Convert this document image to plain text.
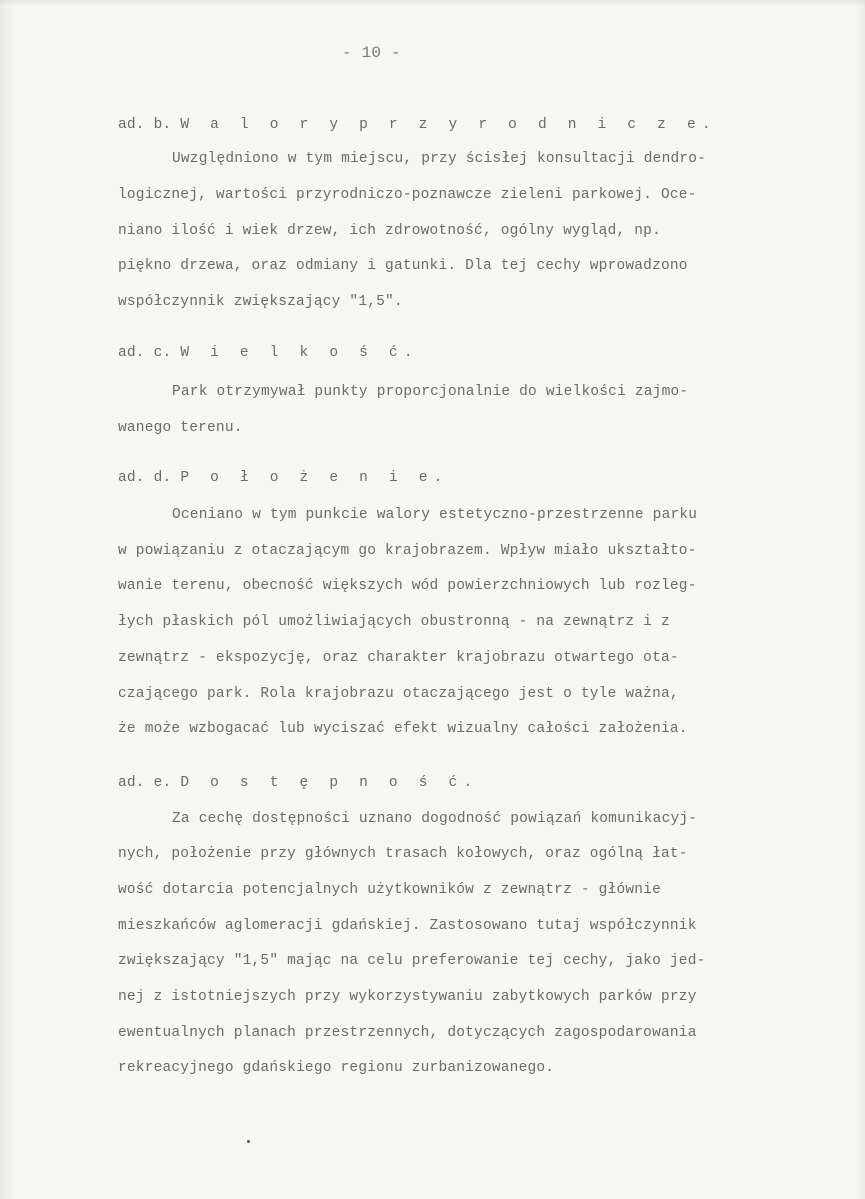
- 10 -
ad. b. W a l o r y p r z y r o d n i c z e.
Uwzględniono w tym miejscu, przy ścisłej konsultacji dendro-
logicznej, wartości przyrodniczo-poznawcze zieleni parkowej. Oce-
niano ilość i wiek drzew, ich zdrowotność, ogólny wygląd, np.
piękno drzewa, oraz odmiany i gatunki. Dla tej cechy wprowadzono
współczynnik zwiększający "1,5".
ad. c. W i e l k o ś ć.
Park otrzymywał punkty proporcjonalnie do wielkości zajmo-
wanego terenu.
ad. d. P o ł o ż e n i e.
Oceniano w tym punkcie walory estetyczno-przestrzenne parku
w powiązaniu z otaczającym go krajobrazem. Wpływ miało ukształto-
wanie terenu, obecność większych wód powierzchniowych lub rozleg-
łych płaskich pól umożliwiających obustronną - na zewnątrz i z
zewnątrz - ekspozycję, oraz charakter krajobrazu otwartego ota-
czającego park. Rola krajobrazu otaczającego jest o tyle ważna,
że może wzbogacać lub wyciszać efekt wizualny całości założenia.
ad. e. D o s t ę p n o ś ć.
Za cechę dostępności uznano dogodność powiązań komunikacyj-
nych, położenie przy głównych trasach kołowych, oraz ogólną łat-
wość dotarcia potencjalnych użytkowników z zewnątrz - głównie
mieszkańców aglomeracji gdańskiej. Zastosowano tutaj współczynnik
zwiększający "1,5" mając na celu preferowanie tej cechy, jako jed-
nej z istotniejszych przy wykorzystywaniu zabytkowych parków przy
ewentualnych planach przestrzennych, dotyczących zagospodarowania
rekreacyjnego gdańskiego regionu zurbanizowanego.
